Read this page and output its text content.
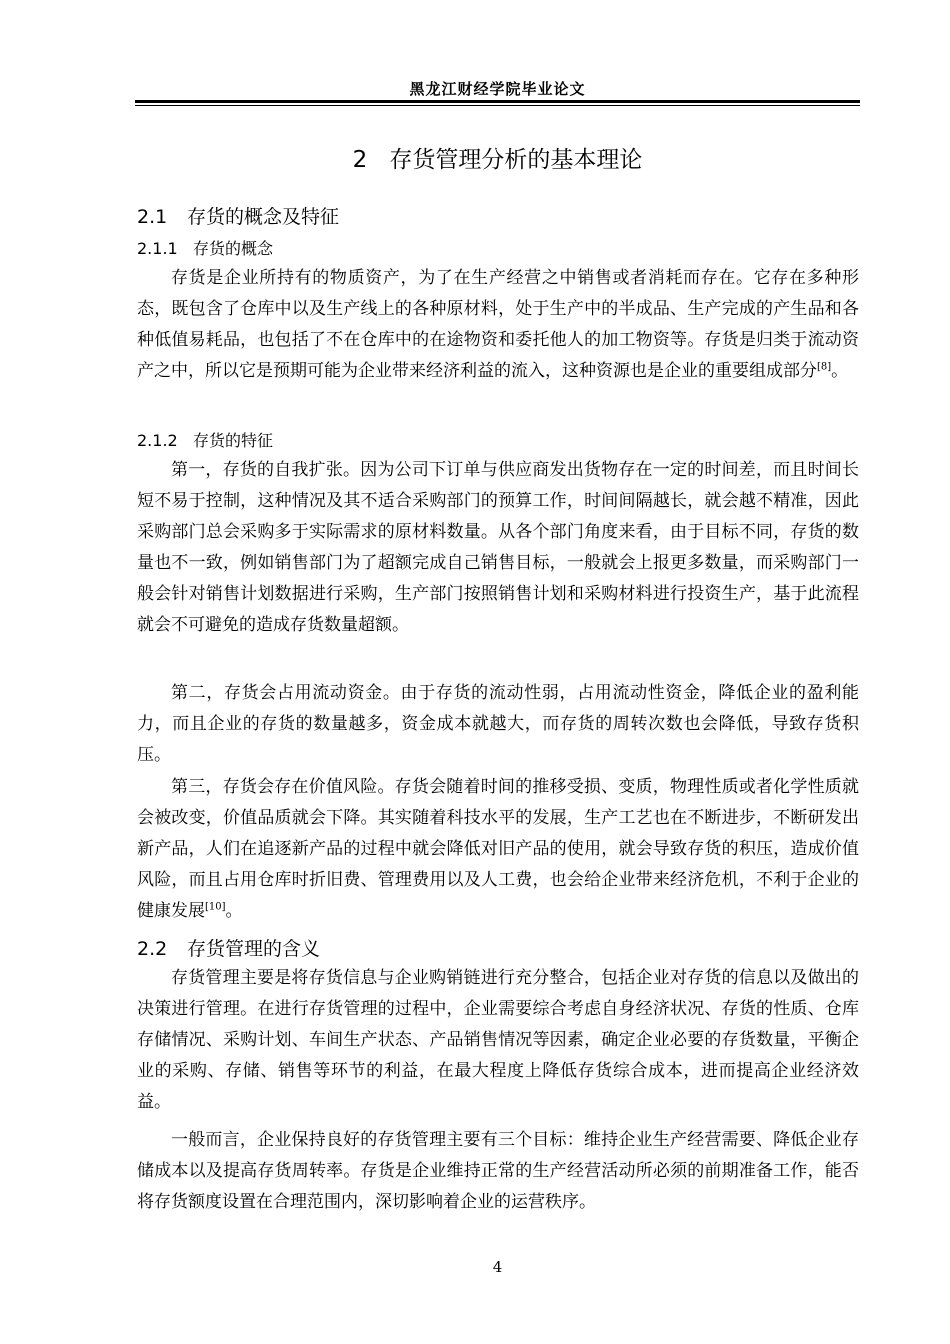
黑龙江财经学院毕业论文
2 存货管理分析的基本理论
2.1 存货的概念及特征
2.1.1 存货的概念

存货是企业所持有的物质资产，为了在生产经营之中销售或者消耗而存在。它存在多种形态，既包含了仓库中以及生产线上的各种原材料，处于生产中的半成品、生产完成的产生品和各种低值易耗品，也包括了不在仓库中的在途物资和委托他人的加工物资等。存货是归类于流动资产之中，所以它是预期可能为企业带来经济利益的流入，这种资源也是企业的重要组成部分[8]。

2.1.2 存货的特征

第一，存货的自我扩张。因为公司下订单与供应商发出货物存在一定的时间差，而且时间长短不易于控制，这种情况及其不适合采购部门的预算工作，时间间隔越长，就会越不精准，因此采购部门总会采购多于实际需求的原材料数量。从各个部门角度来看，由于目标不同，存货的数量也不一致，例如销售部门为了超额完成自己销售目标，一般就会上报更多数量，而采购部门一般会针对销售计划数据进行采购，生产部门按照销售计划和采购材料进行投资生产，基于此流程就会不可避免的造成存货数量超额。

第二，存货会占用流动资金。由于存货的流动性弱，占用流动性资金，降低企业的盈利能力，而且企业的存货的数量越多，资金成本就越大，而存货的周转次数也会降低，导致存货积压。

第三，存货会存在价值风险。存货会随着时间的推移受损、变质，物理性质或者化学性质就会被改变，价值品质就会下降。其实随着科技水平的发展，生产工艺也在不断进步，不断研发出新产品，人们在追逐新产品的过程中就会降低对旧产品的使用，就会导致存货的积压，造成价值风险，而且占用仓库时折旧费、管理费用以及人工费，也会给企业带来经济危机，不利于企业的健康发展[10]。

2.2 存货管理的含义

存货管理主要是将存货信息与企业购销链进行充分整合，包括企业对存货的信息以及做出的决策进行管理。在进行存货管理的过程中，企业需要综合考虑自身经济状况、存货的性质、仓库存储情况、采购计划、车间生产状态、产品销售情况等因素，确定企业必要的存货数量，平衡企业的采购、存储、销售等环节的利益，在最大程度上降低存货综合成本，进而提高企业经济效益。

一般而言，企业保持良好的存货管理主要有三个目标：维持企业生产经营需要、降低企业存储成本以及提高存货周转率。存货是企业维持正常的生产经营活动所必须的前期准备工作，能否将存货额度设置在合理范围内，深切影响着企业的运营秩序。

4
